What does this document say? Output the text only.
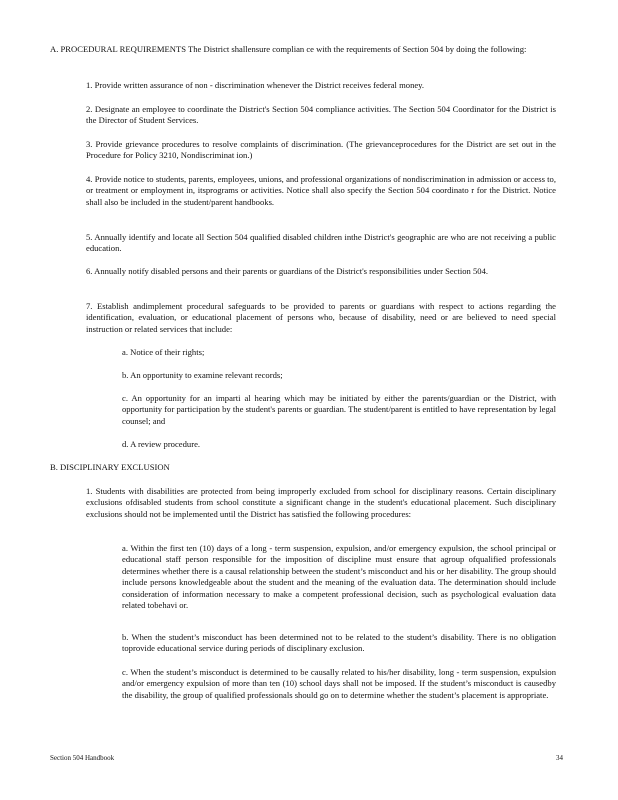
A. PROCEDURAL REQUIREMENTS The District shallensure complian ce with the requirements of Section 504 by doing the following:

1. Provide written assurance of non - discrimination whenever the District receives federal money.

2. Designate an employee to coordinate the District's Section 504 compliance activities. The Section 504 Coordinator for the District is the Director of Student Services.

3. Provide grievance procedures to resolve complaints of discrimination. (The grievanceprocedures for the District are set out in the Procedure for Policy 3210, Nondiscriminat ion.)

4. Provide notice to students, parents, employees, unions, and professional organizations of nondiscrimination in admission or access to, or treatment or employment in, itsprograms or activities. Notice shall also specify the Section 504 coordinato r for the District. Notice shall also be included in the student/parent handbooks.

5. Annually identify and locate all Section 504 qualified disabled children inthe District's geographic are who are not receiving a public education.

6. Annually notify disabled persons and their parents or guardians of the District's responsibilities under Section 504.

7. Establish andimplement procedural safeguards to be provided to parents or guardians with respect to actions regarding the identification, evaluation, or educational placement of persons who, because of disability, need or are believed to need special instruction or related services that include:

a. Notice of their rights;

b. An opportunity to examine relevant records;

c. An opportunity for an imparti al hearing which may be initiated by either the parents/guardian or the District, with opportunity for participation by the student's parents or guardian. The student/parent is entitled to have representation by legal counsel; and

d. A review procedure.

B. DISCIPLINARY EXCLUSION

1. Students with disabilities are protected from being improperly excluded from school for disciplinary reasons. Certain disciplinary exclusions ofdisabled students from school constitute a significant change in the student's educational placement. Such disciplinary exclusions should not be implemented until the District has satisfied the following procedures:

a. Within the first ten (10) days of a long - term suspension, expulsion, and/or emergency expulsion, the school principal or educational staff person responsible for the imposition of discipline must ensure that agroup ofqualified professionals determines whether there is a causal relationship between the student’s misconduct and his or her disability. The group should include persons knowledgeable about the student and the meaning of the evaluation data. The determination should include consideration of information necessary to make a competent professional decision, such as psychological evaluation data related tobehavi or.

b. When the student’s misconduct has been determined not to be related to the student’s disability. There is no obligation toprovide educational service during periods of disciplinary exclusion.

c. When the student’s misconduct is determined to be causally related to his/her disability, long - term suspension, expulsion and/or emergency expulsion of more than ten (10) school days shall not be imposed. If the student’s misconduct is causedby the disability, the group of qualified professionals should go on to determine whether the student’s placement is appropriate.

Section 504 Handbook	34
